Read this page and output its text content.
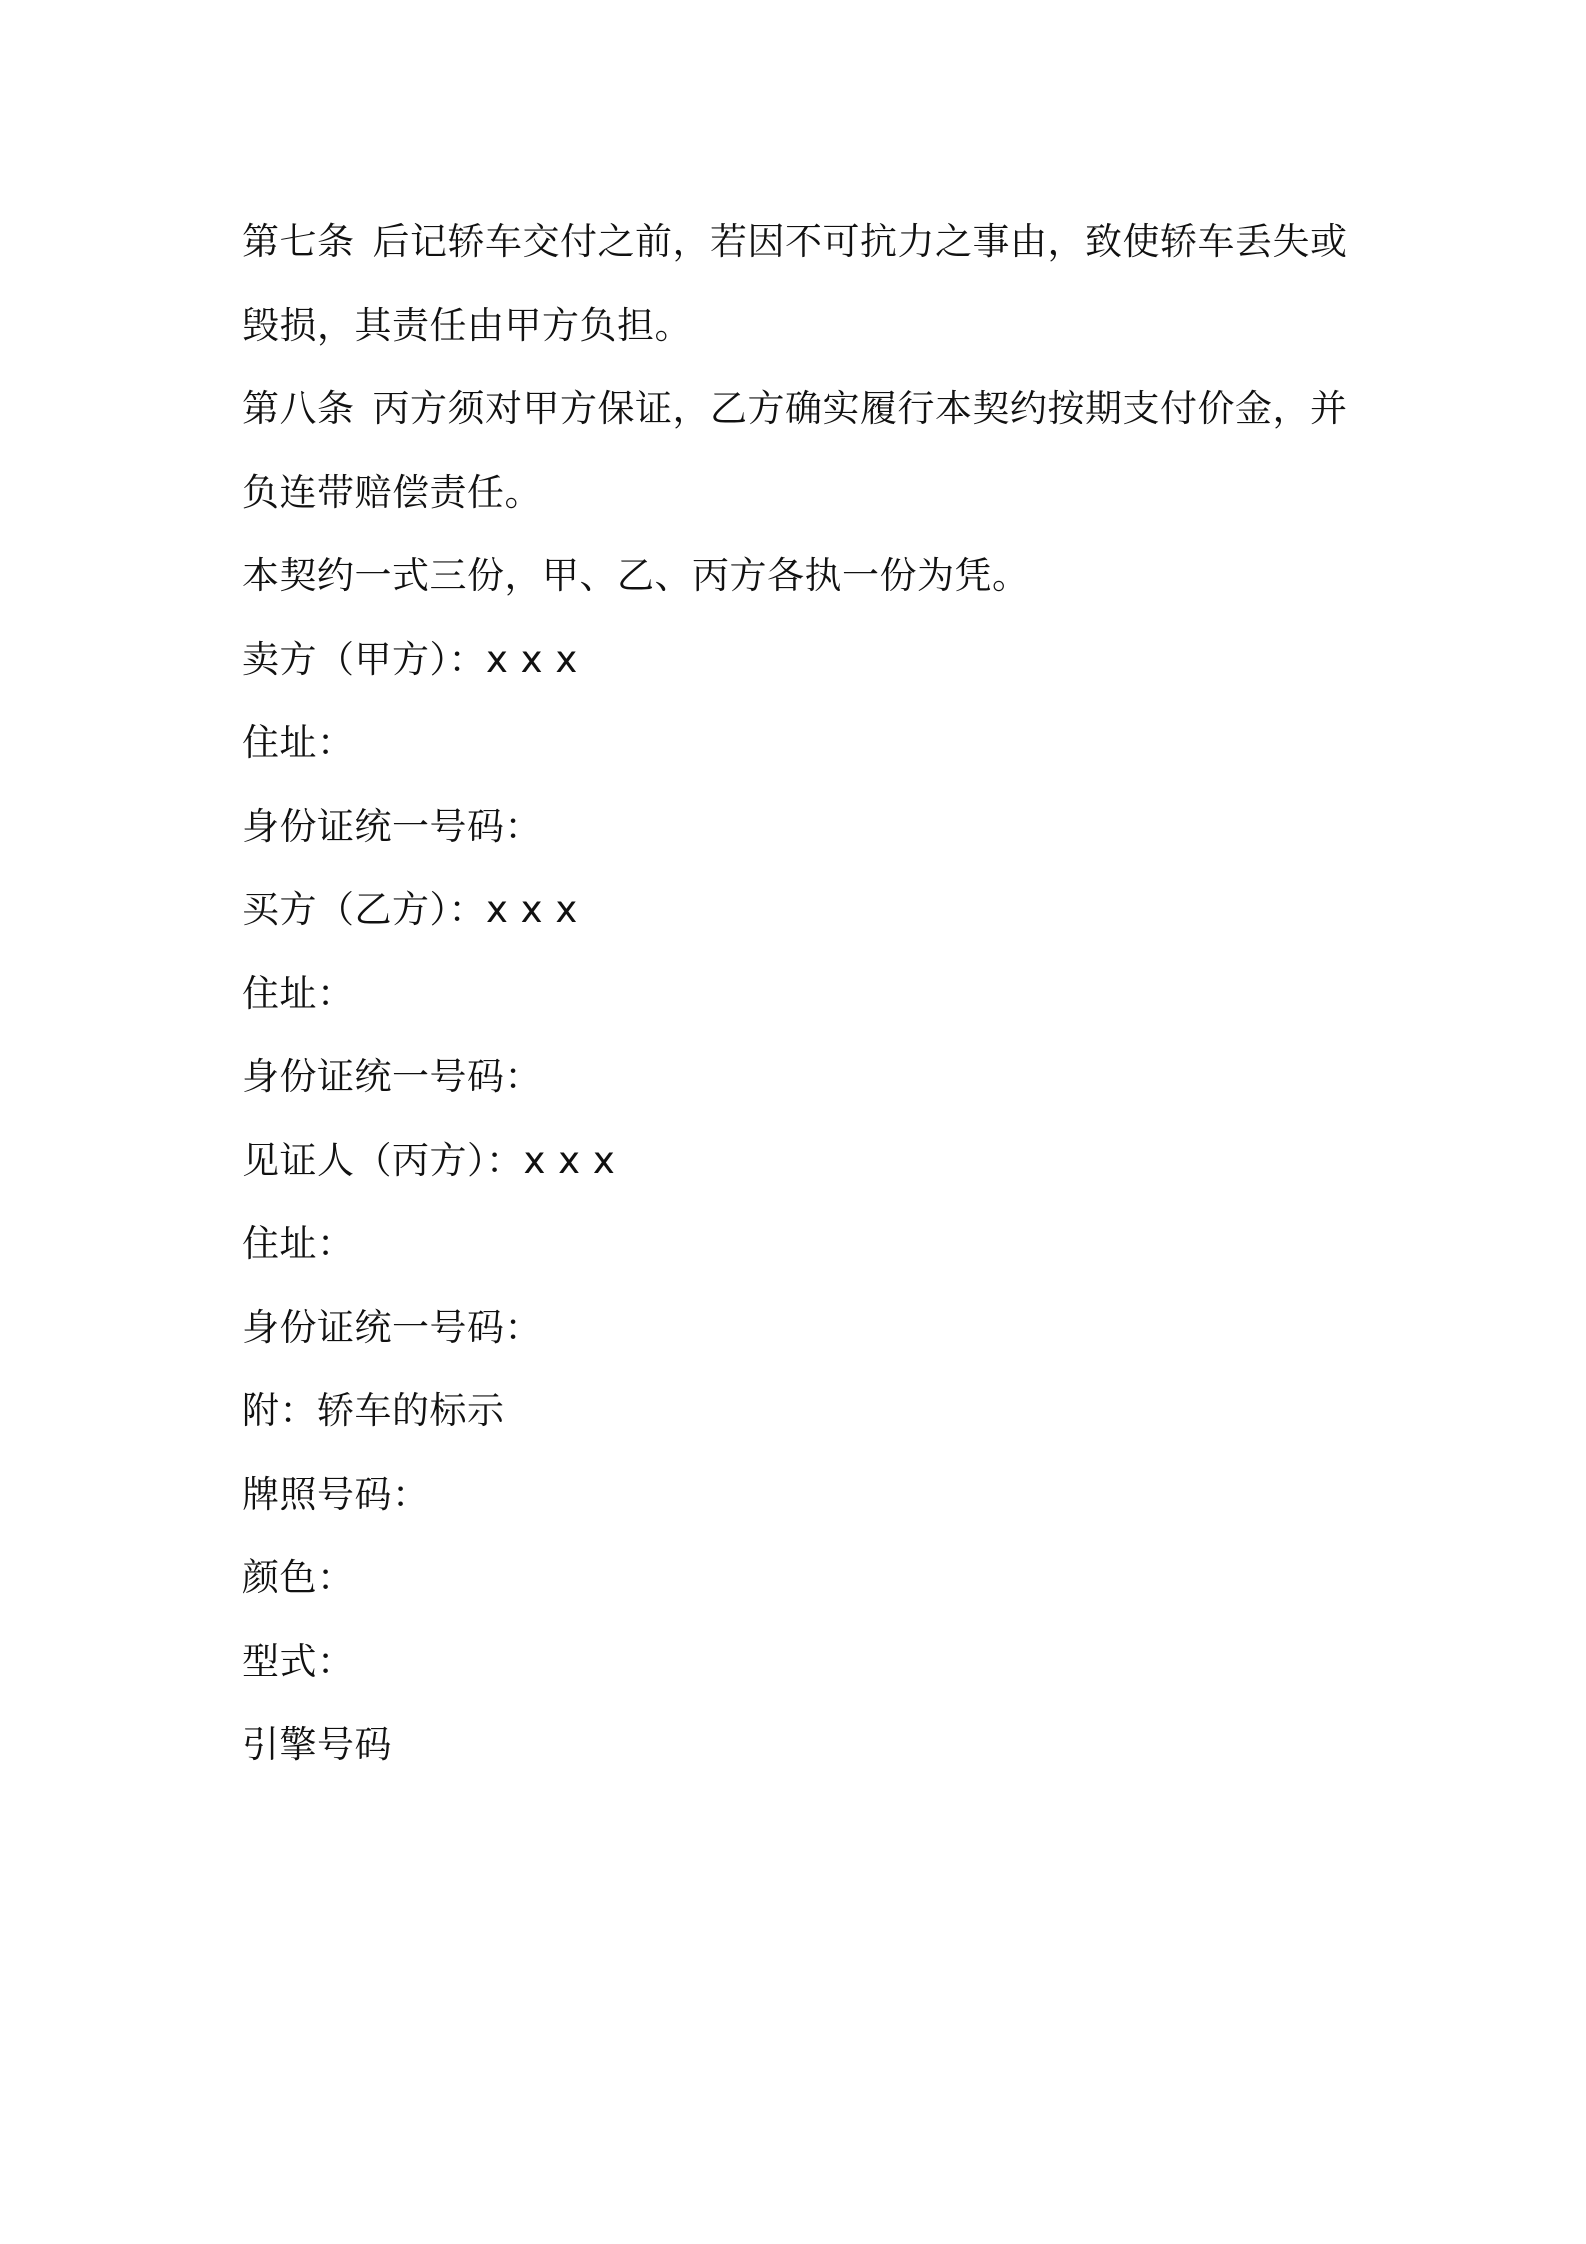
第七条 后记轿车交付之前，若因不可抗力之事由，致使轿车丢失或
毁损，其责任由甲方负担。
第八条 丙方须对甲方保证，乙方确实履行本契约按期支付价金，并
负连带赔偿责任。
本契约一式三份，甲、乙、丙方各执一份为凭。
卖方（甲方）：x x x
住址：
身份证统一号码：
买方（乙方）：x x x
住址：
身份证统一号码：
见证人（丙方）：x x x
住址：
身份证统一号码：
附：轿车的标示
牌照号码：
颜色：
型式：
引擎号码
